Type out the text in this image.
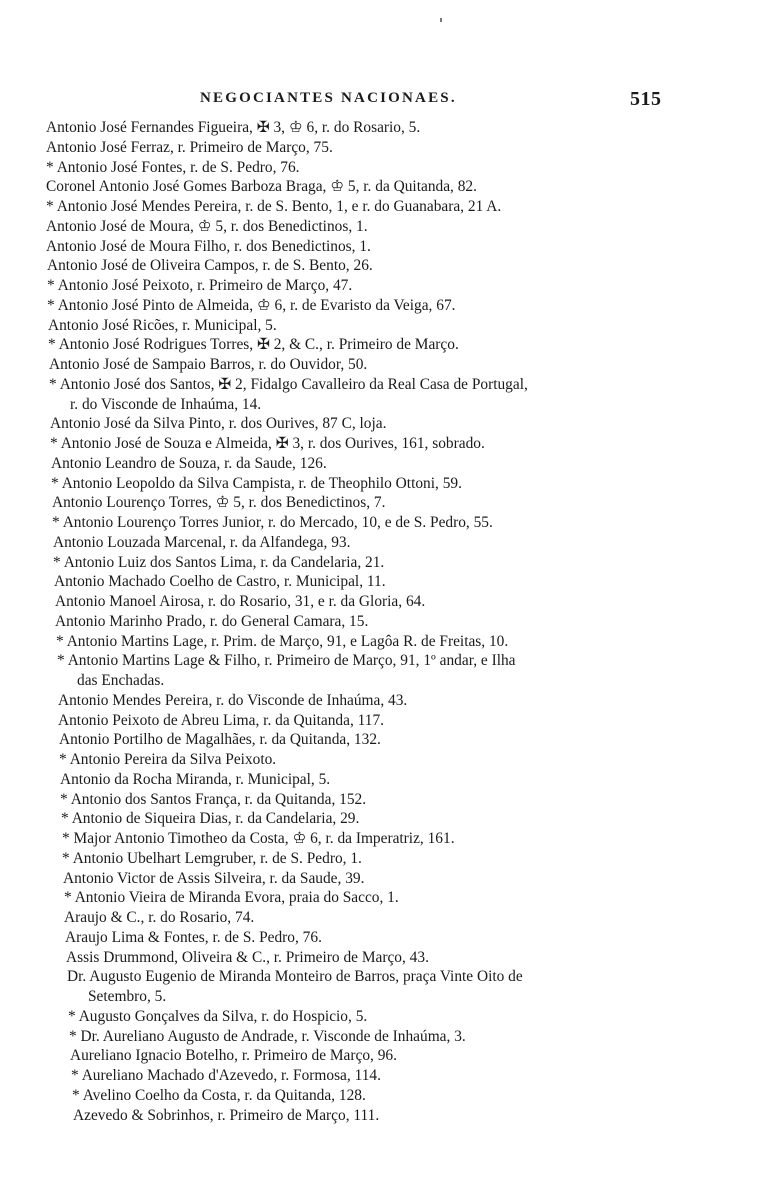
NEGOCIANTES NACIONAES.	515
Antonio José Fernandes Figueira, ✠ 3, ♔ 6, r. do Rosario, 5.
Antonio José Ferraz, r. Primeiro de Março, 75.
* Antonio José Fontes, r. de S. Pedro, 76.
Coronel Antonio José Gomes Barboza Braga, ♔ 5, r. da Quitanda, 82.
* Antonio José Mendes Pereira, r. de S. Bento, 1, e r. do Guanabara, 21 A.
Antonio José de Moura, ♔ 5, r. dos Benedictinos, 1.
Antonio José de Moura Filho, r. dos Benedictinos, 1.
Antonio José de Oliveira Campos, r. de S. Bento, 26.
* Antonio José Peixoto, r. Primeiro de Março, 47.
* Antonio José Pinto de Almeida, ♔ 6, r. de Evaristo da Veiga, 67.
Antonio José Ricões, r. Municipal, 5.
* Antonio José Rodrigues Torres, ✠ 2, & C., r. Primeiro de Março.
Antonio José de Sampaio Barros, r. do Ouvidor, 50.
* Antonio José dos Santos, ✠ 2, Fidalgo Cavalleiro da Real Casa de Portugal,
r. do Visconde de Inhaúma, 14.
Antonio José da Silva Pinto, r. dos Ourives, 87 C, loja.
* Antonio José de Souza e Almeida, ✠ 3, r. dos Ourives, 161, sobrado.
Antonio Leandro de Souza, r. da Saude, 126.
* Antonio Leopoldo da Silva Campista, r. de Theophilo Ottoni, 59.
Antonio Lourenço Torres, ♔ 5, r. dos Benedictinos, 7.
* Antonio Lourenço Torres Junior, r. do Mercado, 10, e de S. Pedro, 55.
Antonio Louzada Marcenal, r. da Alfandega, 93.
* Antonio Luiz dos Santos Lima, r. da Candelaria, 21.
Antonio Machado Coelho de Castro, r. Municipal, 11.
Antonio Manoel Airosa, r. do Rosario, 31, e r. da Gloria, 64.
Antonio Marinho Prado, r. do General Camara, 15.
* Antonio Martins Lage, r. Prim. de Março, 91, e Lagôa R. de Freitas, 10.
* Antonio Martins Lage & Filho, r. Primeiro de Março, 91, 1º andar, e Ilha
das Enchadas.
Antonio Mendes Pereira, r. do Visconde de Inhaúma, 43.
Antonio Peixoto de Abreu Lima, r. da Quitanda, 117.
Antonio Portilho de Magalhães, r. da Quitanda, 132.
* Antonio Pereira da Silva Peixoto.
Antonio da Rocha Miranda, r. Municipal, 5.
* Antonio dos Santos França, r. da Quitanda, 152.
* Antonio de Siqueira Dias, r. da Candelaria, 29.
* Major Antonio Timotheo da Costa, ♔ 6, r. da Imperatriz, 161.
* Antonio Ubelhart Lemgruber, r. de S. Pedro, 1.
Antonio Victor de Assis Silveira, r. da Saude, 39.
* Antonio Vieira de Miranda Evora, praia do Sacco, 1.
Araujo & C., r. do Rosario, 74.
Araujo Lima & Fontes, r. de S. Pedro, 76.
Assis Drummond, Oliveira & C., r. Primeiro de Março, 43.
Dr. Augusto Eugenio de Miranda Monteiro de Barros, praça Vinte Oito de
Setembro, 5.
* Augusto Gonçalves da Silva, r. do Hospicio, 5.
* Dr. Aureliano Augusto de Andrade, r. Visconde de Inhaúma, 3.
Aureliano Ignacio Botelho, r. Primeiro de Março, 96.
* Aureliano Machado d'Azevedo, r. Formosa, 114.
* Avelino Coelho da Costa, r. da Quitanda, 128.
Azevedo & Sobrinhos, r. Primeiro de Março, 111.
